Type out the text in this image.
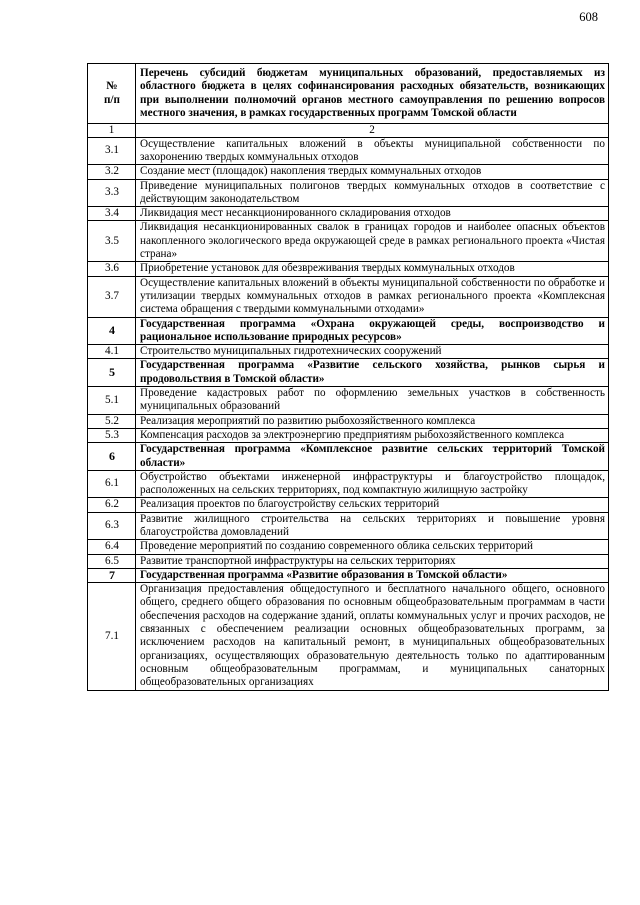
608
№
п/п	Перечень субсидий бюджетам муниципальных образований, предоставляемых из областного бюджета в целях софинансирования расходных обязательств, возникающих при выполнении полномочий органов местного самоуправления по решению вопросов местного значения, в рамках государственных программ Томской области
1	2
3.1	Осуществление капитальных вложений в объекты муниципальной собственности по захоронению твердых коммунальных отходов
3.2	Создание мест (площадок) накопления твердых коммунальных отходов
3.3	Приведение муниципальных полигонов твердых коммунальных отходов в соответствие с действующим законодательством
3.4	Ликвидация мест несанкционированного складирования отходов
3.5	Ликвидация несанкционированных свалок в границах городов и наиболее опасных объектов накопленного экологического вреда окружающей среде в рамках регионального проекта «Чистая страна»
3.6	Приобретение установок для обезвреживания твердых коммунальных отходов
3.7	Осуществление капитальных вложений в объекты муниципальной собственности по обработке и утилизации твердых коммунальных отходов в рамках регионального проекта «Комплексная система обращения с твердыми коммунальными отходами»
4	Государственная программа «Охрана окружающей среды, воспроизводство и рациональное использование природных ресурсов»
4.1	Строительство муниципальных гидротехнических сооружений
5	Государственная программа «Развитие сельского хозяйства, рынков сырья и продовольствия в Томской области»
5.1	Проведение кадастровых работ по оформлению земельных участков в собственность муниципальных образований
5.2	Реализация мероприятий по развитию рыбохозяйственного комплекса
5.3	Компенсация расходов за электроэнергию предприятиям рыбохозяйственного комплекса
6	Государственная программа «Комплексное развитие сельских территорий Томской области»
6.1	Обустройство объектами инженерной инфраструктуры и благоустройство площадок, расположенных на сельских территориях, под компактную жилищную застройку
6.2	Реализация проектов по благоустройству сельских территорий
6.3	Развитие жилищного строительства на сельских территориях и повышение уровня благоустройства домовладений
6.4	Проведение мероприятий по созданию современного облика сельских территорий
6.5	Развитие транспортной инфраструктуры на сельских территориях
7	Государственная программа «Развитие образования в Томской области»
7.1	Организация предоставления общедоступного и бесплатного начального общего, основного общего, среднего общего образования по основным общеобразовательным программам в части обеспечения расходов на содержание зданий, оплаты коммунальных услуг и прочих расходов, не связанных с обеспечением реализации основных общеобразовательных программ, за исключением расходов на капитальный ремонт, в муниципальных общеобразовательных организациях, осуществляющих образовательную деятельность только по адаптированным основным общеобразовательным программам, и муниципальных санаторных общеобразовательных организациях
